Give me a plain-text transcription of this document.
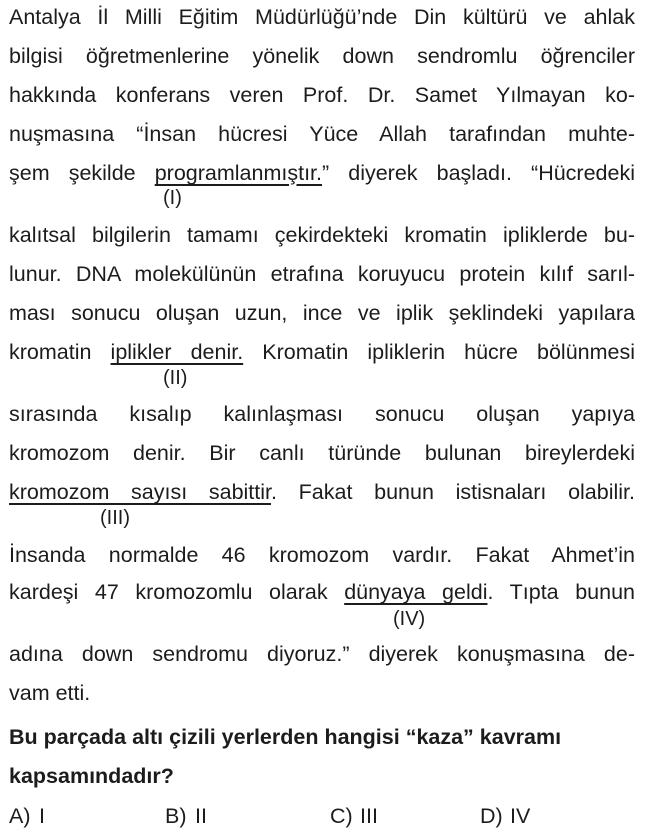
Antalya İl Milli Eğitim Müdürlüğü’nde Din kültürü ve ahlak
bilgisi öğretmenlerine yönelik down sendromlu öğrenciler
hakkında konferans veren Prof. Dr. Samet Yılmayan ko-
nuşmasına “İnsan hücresi Yüce Allah tarafından muhte-
şem şekilde programlanmıştır.” diyerek başladı. “Hücredeki
(I)
kalıtsal bilgilerin tamamı çekirdekteki kromatin ipliklerde bu-
lunur. DNA molekülünün etrafına koruyucu protein kılıf sarıl-
ması sonucu oluşan uzun, ince ve iplik şeklindeki yapılara
kromatin iplikler denir. Kromatin ipliklerin hücre bölünmesi
(II)
sırasında kısalıp kalınlaşması sonucu oluşan yapıya
kromozom denir. Bir canlı türünde bulunan bireylerdeki
kromozom sayısı sabittir. Fakat bunun istisnaları olabilir.
(III)
İnsanda normalde 46 kromozom vardır. Fakat Ahmet’in
kardeşi 47 kromozomlu olarak dünyaya geldi. Tıpta bunun
(IV)
adına down sendromu diyoruz.” diyerek konuşmasına de-
vam etti.
Bu parçada altı çizili yerlerden hangisi “kaza” kavramı
kapsamındadır?
A) I	B) II	C) III	D) IV
